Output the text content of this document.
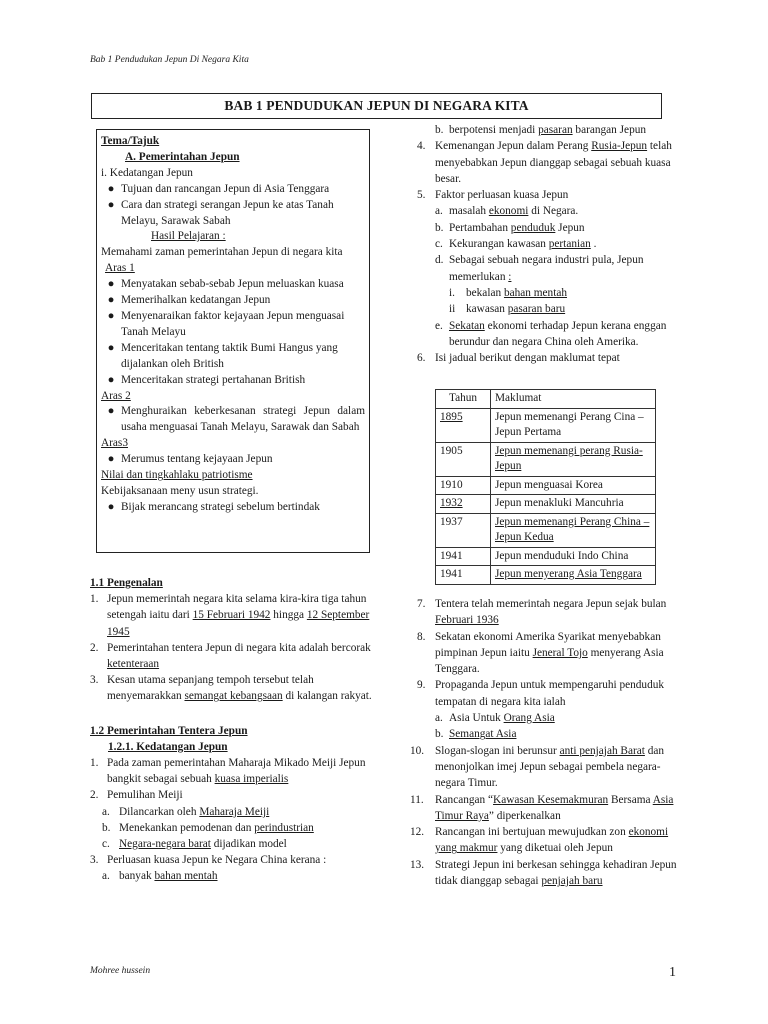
Bab 1 Pendudukan Jepun Di Negara Kita
BAB 1 PENDUDUKAN JEPUN DI NEGARA KITA
Tema/Tajuk
A. Pemerintahan Jepun
i. Kedatangan Jepun
● Tujuan dan rancangan Jepun di Asia Tenggara
● Cara dan strategi serangan Jepun ke atas Tanah Melayu, Sarawak Sabah
Hasil Pelajaran :
Memahami zaman pemerintahan Jepun di negara kita
Aras 1
● Menyatakan sebab-sebab Jepun meluaskan kuasa
● Memerihalkan kedatangan Jepun
● Menyenaraikan faktor kejayaan Jepun menguasai Tanah Melayu
● Menceritakan tentang taktik Bumi Hangus yang dijalankan oleh British
● Menceritakan strategi pertahanan British
Aras 2
● Menghuraikan keberkesanan strategi Jepun dalam usaha menguasai Tanah Melayu, Sarawak dan Sabah
Aras3
● Merumus tentang kejayaan Jepun
Nilai dan tingkahlaku patriotisme
Kebijaksanaan meny usun strategi.
● Bijak merancang strategi sebelum bertindak
1.1 Pengenalan
1. Jepun memerintah negara kita selama kira-kira tiga tahun setengah iaitu dari 15 Februari 1942 hingga 12 September 1945
2. Pemerintahan tentera Jepun di negara kita adalah bercorak ketenteraan
3. Kesan utama sepanjang tempoh tersebut telah menyemarakkan semangat kebangsaan di kalangan rakyat.
1.2 Pemerintahan Tentera Jepun
1.2.1. Kedatangan Jepun
1. Pada zaman pemerintahan Maharaja Mikado Meiji Jepun bangkit sebagai sebuah kuasa imperialis
2. Pemulihan Meiji
a. Dilancarkan oleh Maharaja Meiji
b. Menekankan pemodenan dan perindustrian
c. Negara-negara barat dijadikan model
3. Perluasan kuasa Jepun ke Negara China kerana :
a. banyak bahan mentah
b. berpotensi menjadi pasaran barangan Jepun
4. Kemenangan Jepun dalam Perang Rusia-Jepun telah menyebabkan Jepun dianggap sebagai sebuah kuasa besar.
5. Faktor perluasan kuasa Jepun
a. masalah ekonomi di Negara.
b. Pertambahan penduduk Jepun
c. Kekurangan kawasan pertanian .
d. Sebagai sebuah negara industri pula, Jepun memerlukan :
i. bekalan bahan mentah
ii kawasan pasaran baru
e. Sekatan ekonomi terhadap Jepun kerana enggan berundur dan negara China oleh Amerika.
6. Isi jadual berikut dengan maklumat tepat
Tahun	Maklumat
1895	Jepun memenangi Perang Cina –Jepun Pertama
1905	Jepun memenangi perang Rusia-Jepun
1910	Jepun menguasai Korea
1932	Jepun menakluki Mancuhria
1937	Jepun memenangi Perang China –Jepun Kedua
1941	Jepun menduduki Indo China
1941	Jepun menyerang Asia Tenggara
7. Tentera telah memerintah negara Jepun sejak bulan Februari 1936
8. Sekatan ekonomi Amerika Syarikat menyebabkan pimpinan Jepun iaitu Jeneral Tojo menyerang Asia Tenggara.
9. Propaganda Jepun untuk mempengaruhi penduduk tempatan di negara kita ialah
a. Asia Untuk Orang Asia
b. Semangat Asia
10. Slogan-slogan ini berunsur anti penjajah Barat dan menonjolkan imej Jepun sebagai pembela negara-negara Timur.
11. Rancangan “Kawasan Kesemakmuran Bersama Asia Timur Raya” diperkenalkan
12. Rancangan ini bertujuan mewujudkan zon ekonomi yang makmur yang diketuai oleh Jepun
13. Strategi Jepun ini berkesan sehingga kehadiran Jepun tidak dianggap sebagai penjajah baru
Mohree hussein	1
